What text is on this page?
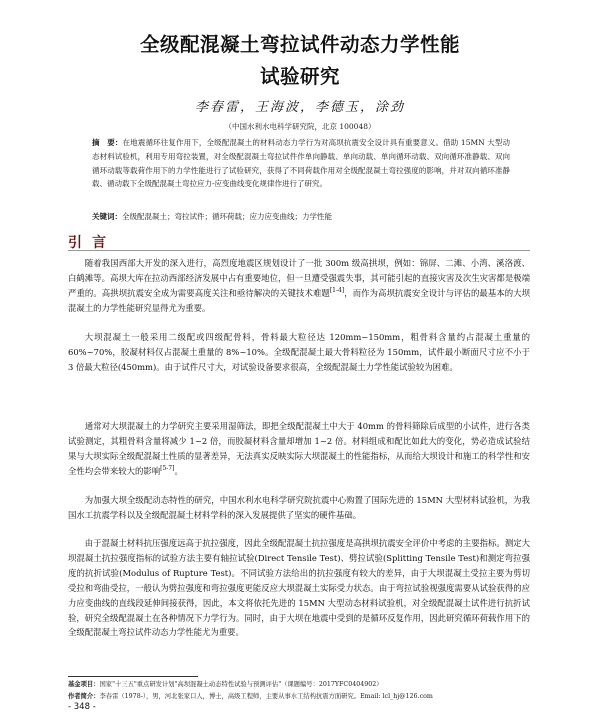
全级配混凝土弯拉试件动态力学性能
试验研究
李春雷，王海波，李德玉，涂劲
（中国水利水电科学研究院，北京 100048）
摘　要：在地震循环往复作用下，全级配混凝土的材料动态力学行为对高坝抗震安全设计具有重要意义。借助 15MN 大型动态材料试验机，利用专用弯拉装置，对全级配混凝土弯拉试件作单向静载、单向动载、单向循环动载、双向循环准静载、双向循环动载等载荷作用下的力学性能进行了试验研究，获得了不同荷载作用对全级配混凝土弯拉强度的影响，并对双向循环准静载、循动载下全级配混凝土弯拉应力-应变曲线变化规律作进行了研究。
关键词：全级配混凝土；弯拉试件；循环荷载；应力应变曲线；力学性能
引言

随着我国西部大开发的深入进行，高烈度地震区规划设计了一批 300m 级高拱坝，例如：锦屏、二滩、小湾、溪洛渡、白鹤滩等。高坝大库在拉动西部经济发展中占有重要地位，但一旦遭受强震失事，其可能引起的直接灾害及次生灾害都是极端严重的。高拱坝抗震安全成为需要高度关注和亟待解决的关键技术难题[1-4]，而作为高坝抗震安全设计与评估的最基本的大坝混凝土的力学性能研究显得尤为重要。

大坝混凝土一般采用二级配或四级配骨料，骨料最大粒径达 120mm~150mm，粗骨料含量约占混凝土重量的 60%~70%，胶凝材料仅占混凝土重量的 8%~10%。全级配混凝土最大骨料粒径为 150mm，试件最小断面尺寸应不小于 3 倍最大粒径(450mm)。由于试件尺寸大，对试验设备要求很高，全级配混凝土力学性能试验较为困难。

通常对大坝混凝土的力学研究主要采用湿筛法，即把全级配混凝土中大于 40mm 的骨料筛除后成型的小试件，进行各类试验测定，其粗骨料含量将减少 1~2 倍，而胶凝材料含量却增加 1~2 倍。材料组成和配比如此大的变化，势必造成试验结果与大坝实际全级配混凝土性质的显著差异，无法真实反映实际大坝混凝土的性能指标，从而给大坝设计和施工的科学性和安全性均会带来较大的影响[5-7]。

为加强大坝全级配动态特性的研究，中国水利水电科学研究院抗震中心购置了国际先进的 15MN 大型材料试验机，为我国水工抗震学科以及全级配混凝土材料学科的深入发展提供了坚实的硬件基础。

由于混凝土材料抗压强度远高于抗拉强度，因此全级配混凝土抗拉强度是高拱坝抗震安全评价中考虑的主要指标。测定大坝混凝土抗拉强度指标的试验方法主要有轴拉试验(Direct Tensile Test)、劈拉试验(Splitting Tensile Test)和测定弯拉强度的抗折试验(Modulus of Rupture Test)。不同试验方法给出的抗拉强度有较大的差异，由于大坝混凝土受拉主要为剪切受拉和弯曲受拉，一般认为劈拉强度和弯拉强度更能反应大坝混凝土实际受力状态。由于弯拉试验视强度需要从试验获得的应力应变曲线的直线段延伸间接获得，因此，本文将依托先进的 15MN 大型动态材料试验机，对全级配混凝土试件进行抗折试验，研究全级配混凝土在各种情况下力学行为。同时，由于大坝在地震中受到的是循环反复作用，因此研究循环荷载作用下的全级配混凝土弯拉试件动态力学性能尤为重要。

基金项目：国家"十三五"重点研发计划"高坝混凝土动态特性试验与预测评估"（课题编号：2017YFC0404902）
作者简介：李春雷（1978-），男，河北张家口人，博士，高级工程师，主要从事水工结构抗震方面研究。Email: lcl_hj@126.com
- 348 -
